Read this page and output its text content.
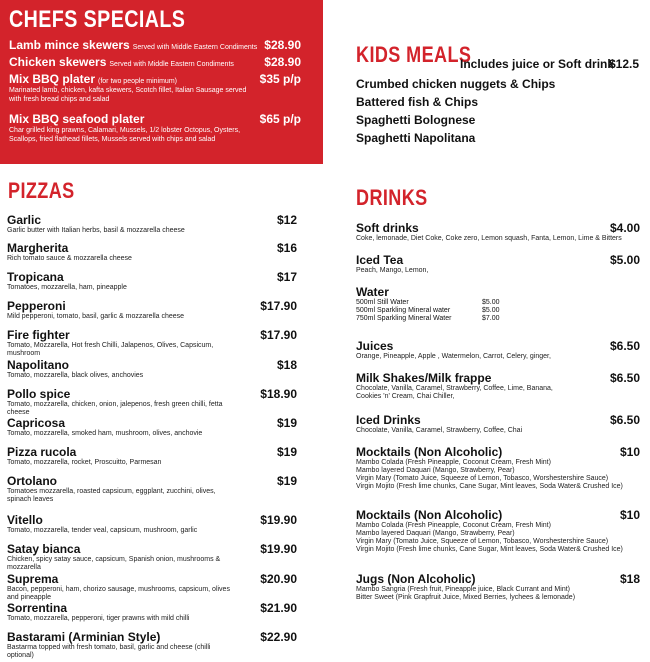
CHEFS SPECIALS
Lamb mince skewers Served with Middle Eastern Condiments $28.90
Chicken skewers Served with Middle Eastern Condiments	$28.90
Mix BBQ plater (for two people minimum)	$35 p/p
Marinated lamb, chicken, kafta skewers, Scotch fillet, Italian Sausage served with fresh bread chips and salad
Mix BBQ seafood plater	$65 p/p
Char grilled king prawns, Calamari, Mussels, 1/2 lobster Octopus, Oysters, Scallops, fried flathead fillets, Mussels served with chips and salad
PIZZAS
Garlic	$12
Garlic butter with Italian herbs, basil & mozzarella cheese
Margherita	$16
Rich tomato sauce & mozzarella cheese
Tropicana	$17
Tomatoes, mozzarella, ham, pineapple
Pepperoni	$17.90
Mild pepperoni, tomato, basil, garlic & mozzarella cheese
Fire fighter	$17.90
Tomato, Mozzarella, Hot fresh Chilli, Jalapenos, Olives, Capsicum, mushroom
Napolitano	$18
Tomato, mozzarella, black olives, anchovies
Pollo spice	$18.90
Tomato, mozzarella, chicken, onion, jalepenos, fresh green chilli, fetta cheese
Capricosa	$19
Tomato, mozzarella, smoked ham, mushroom, olives, anchovie
Pizza rucola	$19
Tomato, mozzarella, rocket, Proscuitto, Parmesan
Ortolano	$19
Tomatoes mozzarella, roasted capsicum, eggplant, zucchini, olives, spinach leaves
Vitello	$19.90
Tomato, mozzarella, tender veal, capsicum, mushroom, garlic
Satay bianca	$19.90
Chicken, spicy satay sauce, capsicum, Spanish onion, mushrooms & mozzarella
Suprema	$20.90
Bacon, pepperoni, ham, chorizo sausage, mushrooms, capsicum, olives and pineapple
Sorrentina	$21.90
Tomato, mozzarella, pepperoni, tiger prawns with mild chilli
Bastarami (Arminian Style)	$22.90
Bastarma topped with fresh tomato, basil, garlic and cheese (chilli optional)
KIDS MEALS
Includes juice or Soft drink
$12.5
Crumbed chicken nuggets & Chips
Battered fish & Chips
Spaghetti Bolognese
Spaghetti Napolitana
DRINKS
Soft drinks	$4.00
Coke, lemonade, Diet Coke, Coke zero, Lemon squash, Fanta, Lemon, Lime & Bitters
Iced Tea	$5.00
Peach, Mango, Lemon,
Water
500ml Still Water	$5.00
500ml Sparkling Mineral water	$5.00
750ml Sparkling Mineral Water	$7.00
Juices	$6.50
Orange, Pineapple, Apple , Watermelon, Carrot, Celery, ginger,
Milk Shakes/Milk frappe	$6.50
Chocolate, Vanilla, Caramel, Strawberry, Coffee, Lime, Banana, Cookies 'n' Cream, Chai Chiller,
Iced Drinks	$6.50
Chocolate, Vanilla, Caramel, Strawberry, Coffee, Chai
Mocktails (Non Alcoholic)	$10
Mambo Colada (Fresh Pineapple, Coconut Cream, Fresh Mint)
Mambo layered Daquari (Mango, Strawberry, Pear)
Virgin Mary (Tomato Juice, Squeeze of Lemon, Tobasco, Worshestershire Sauce)
Virgin Mojito (Fresh lime chunks, Cane Sugar, Mint leaves, Soda Water& Crushed Ice)
Mocktails (Non Alcoholic)	$10
Mambo Colada (Fresh Pineapple, Coconut Cream, Fresh Mint)
Mambo layered Daquari (Mango, Strawberry, Pear)
Virgin Mary (Tomato Juice, Squeeze of Lemon, Tobasco, Worshestershire Sauce)
Virgin Mojito (Fresh lime chunks, Cane Sugar, Mint leaves, Soda Water& Crushed Ice)
Jugs (Non Alcoholic)	$18
Mambo Sangria (Fresh fruit, Pineapple juice, Black Currant and Mint)
Bitter Sweet (Pink Grapfruit Juice, Mixed Berries, lychees & lemonade)
